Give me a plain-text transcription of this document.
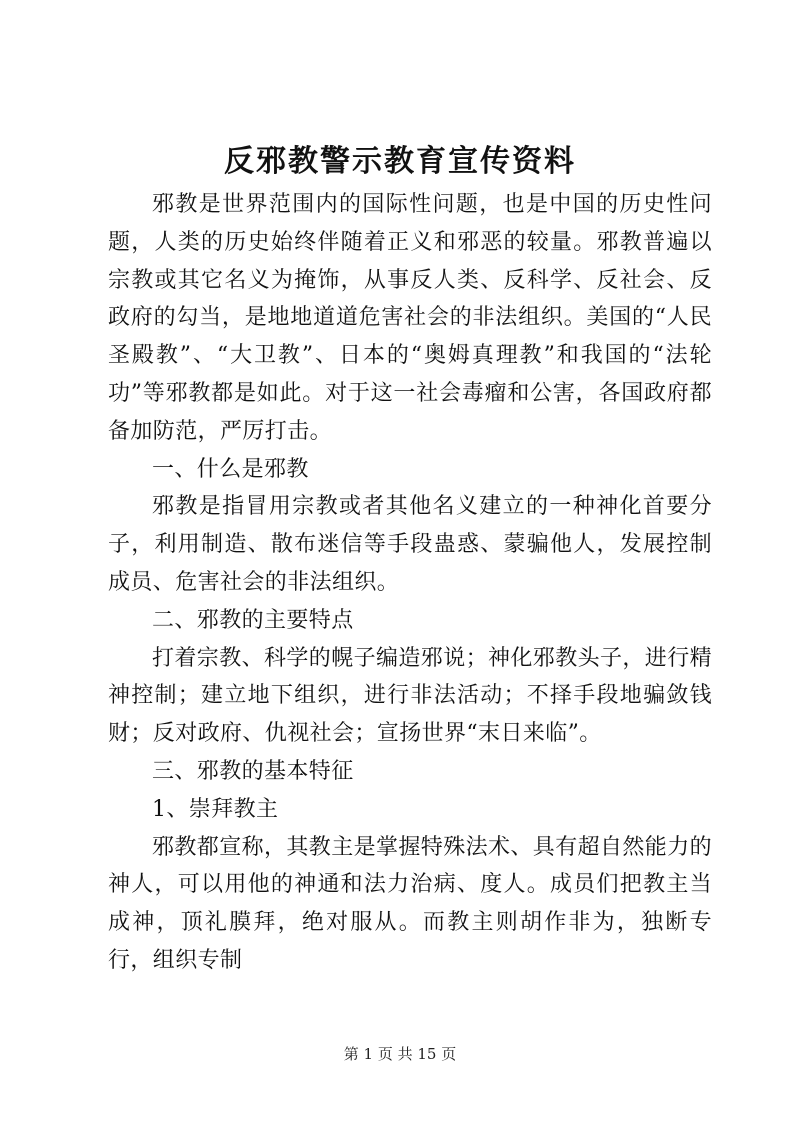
反邪教警示教育宣传资料

邪教是世界范围内的国际性问题，也是中国的历史性问题，人类的历史始终伴随着正义和邪恶的较量。邪教普遍以宗教或其它名义为掩饰，从事反人类、反科学、反社会、反政府的勾当，是地地道道危害社会的非法组织。美国的“人民圣殿教”、“大卫教”、日本的“奥姆真理教”和我国的“法轮功”等邪教都是如此。对于这一社会毒瘤和公害，各国政府都备加防范，严厉打击。

一、什么是邪教

邪教是指冒用宗教或者其他名义建立的一种神化首要分子，利用制造、散布迷信等手段蛊惑、蒙骗他人，发展控制成员、危害社会的非法组织。

二、邪教的主要特点

打着宗教、科学的幌子编造邪说；神化邪教头子，进行精神控制；建立地下组织，进行非法活动；不择手段地骗敛钱财；反对政府、仇视社会；宣扬世界“末日来临”。

三、邪教的基本特征

1、崇拜教主

邪教都宣称，其教主是掌握特殊法术、具有超自然能力的神人，可以用他的神通和法力治病、度人。成员们把教主当成神，顶礼膜拜，绝对服从。而教主则胡作非为，独断专行，组织专制

第 1 页 共 15 页
